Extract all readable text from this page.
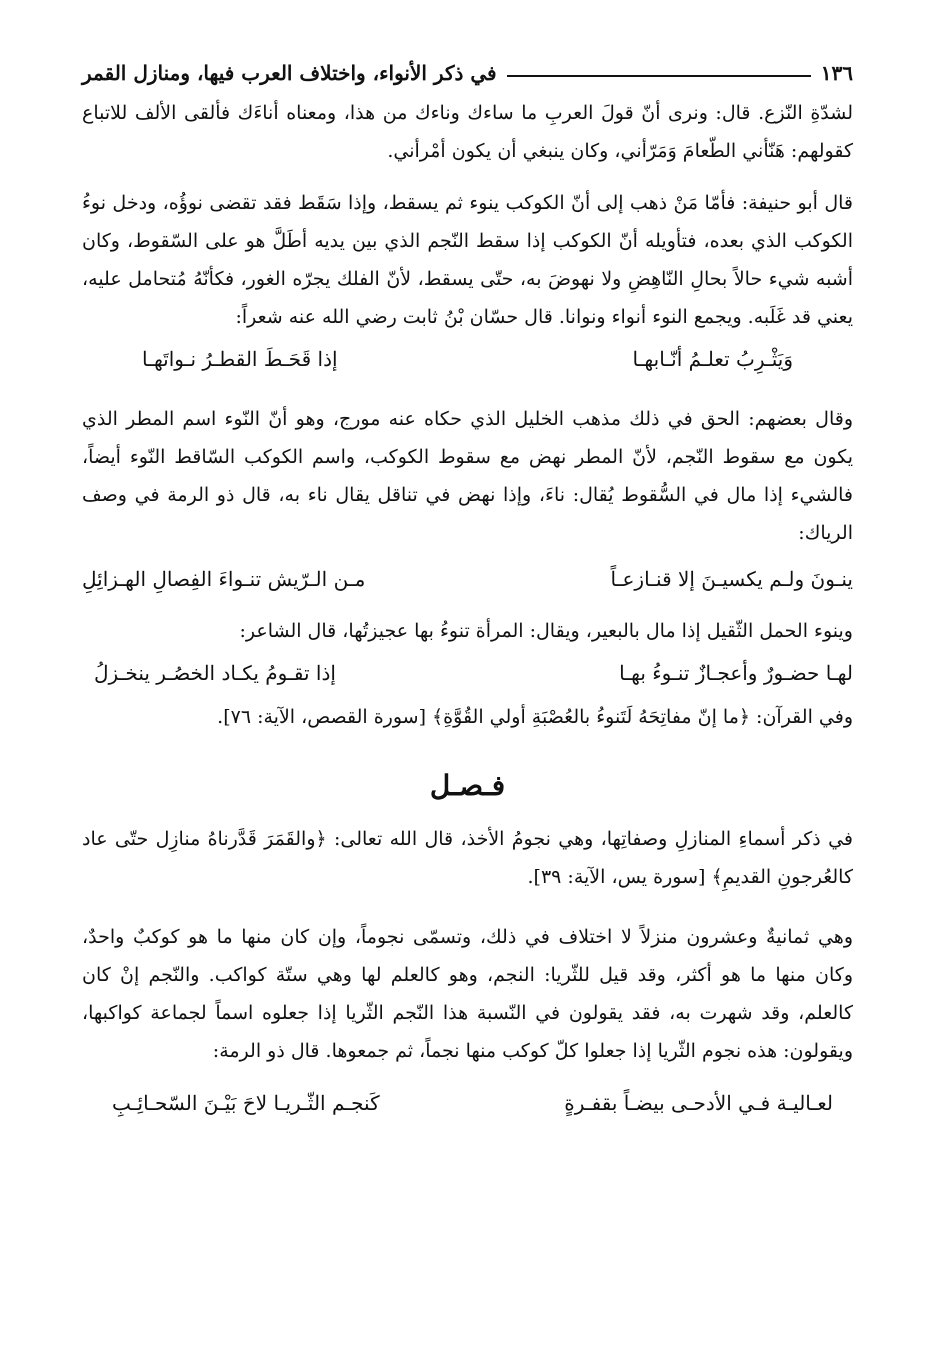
١٣٦
في ذكر الأنواء، واختلاف العرب فيها، ومنازل القمر

لشدّةِ النّزع. قال: ونرى أنّ قولَ العربِ ما ساءك وناءك من هذا، ومعناه أناءَك فألقى الألف للاتباع كقولهم: هَنّأني الطّعامَ وَمَرّأني، وكان ينبغي أن يكون أمْرأني.

قال أبو حنيفة: فأمّا مَنْ ذهب إلى أنّ الكوكب ينوء ثم يسقط، وإذا سَقَط فقد تقضى نوؤُه، ودخل نوءُ الكوكب الذي بعده، فتأويله أنّ الكوكب إذا سقط النّجم الذي بين يديه أطَلَّ هو على السّقوط، وكان أشبه شيء حالاً بحالِ النّاهِضِ ولا نهوضَ به، حتّى يسقط، لأنّ الفلك يجرّه الغور، فكأنّهُ مُتحامل عليه، يعني قد غَلَبه. ويجمع النوء أنواء ونوانا. قال حسّان بْنُ ثابت رضي الله عنه شعراً:

وَيَثْـرِبُ تعلـمُ أنّـابهـا
إذا قَحَـطَ القطـرُ نـواتَهـا

وقال بعضهم: الحق في ذلك مذهب الخليل الذي حكاه عنه مورج، وهو أنّ النّوء اسم المطر الذي يكون مع سقوط النّجم، لأنّ المطر نهض مع سقوط الكوكب، واسم الكوكب السّاقط النّوء أيضاً، فالشيء إذا مال في السُّقوط يُقال: ناءَ، وإذا نهض في تناقل يقال ناء به، قال ذو الرمة في وصف الرياك:

ينـونَ ولـم يكسيـنَ إلا قنـازعـاً
مـن الـرّيش تنـواءَ الفِصالِ الهـزائِلِ

وينوء الحمل الثّقيل إذا مال بالبعير، ويقال: المرأة تنوءُ بها عجيزتُها، قال الشاعر:

لهـا حضـورٌ وأعجـازٌ تنـوءُ بهـا
إذا تقـومُ يكـاد الخصُـر ينخـزلُ

وفي القرآن: ﴿ما إنّ مفاتِحَهُ لَتَنوءُ بالعُصْبَةِ أولي القُوَّةِ﴾ [سورة القصص، الآية: ٧٦].

فـصـل

في ذكر أسماءِ المنازلِ وصفاتِها، وهي نجومُ الأخذ، قال الله تعالى: ﴿والقَمَرَ قَدَّرناهُ منازِل حتّى عاد كالعُرجونِ القديمِ﴾ [سورة يس، الآية: ٣٩].

وهي ثمانيةٌ وعشرون منزلاً لا اختلاف في ذلك، وتسمّى نجوماً، وإن كان منها ما هو كوكبٌ واحدٌ، وكان منها ما هو أكثر، وقد قيل للثّريا: النجم، وهو كالعلم لها وهي ستّة كواكب. والنّجم إنْ كان كالعلم، وقد شهرت به، فقد يقولون في النّسبة هذا النّجم الثّريا إذا جعلوه اسماً لجماعة كواكبها، ويقولون: هذه نجوم الثّريا إذا جعلوا كلّ كوكب منها نجماً، ثم جمعوها. قال ذو الرمة:

لعـاليـة فـي الأدحـى بيضـاً بقفـرةٍ
كَنجـم الثّـريـا لاحَ بَيْـنَ السّحـائِـبِ
